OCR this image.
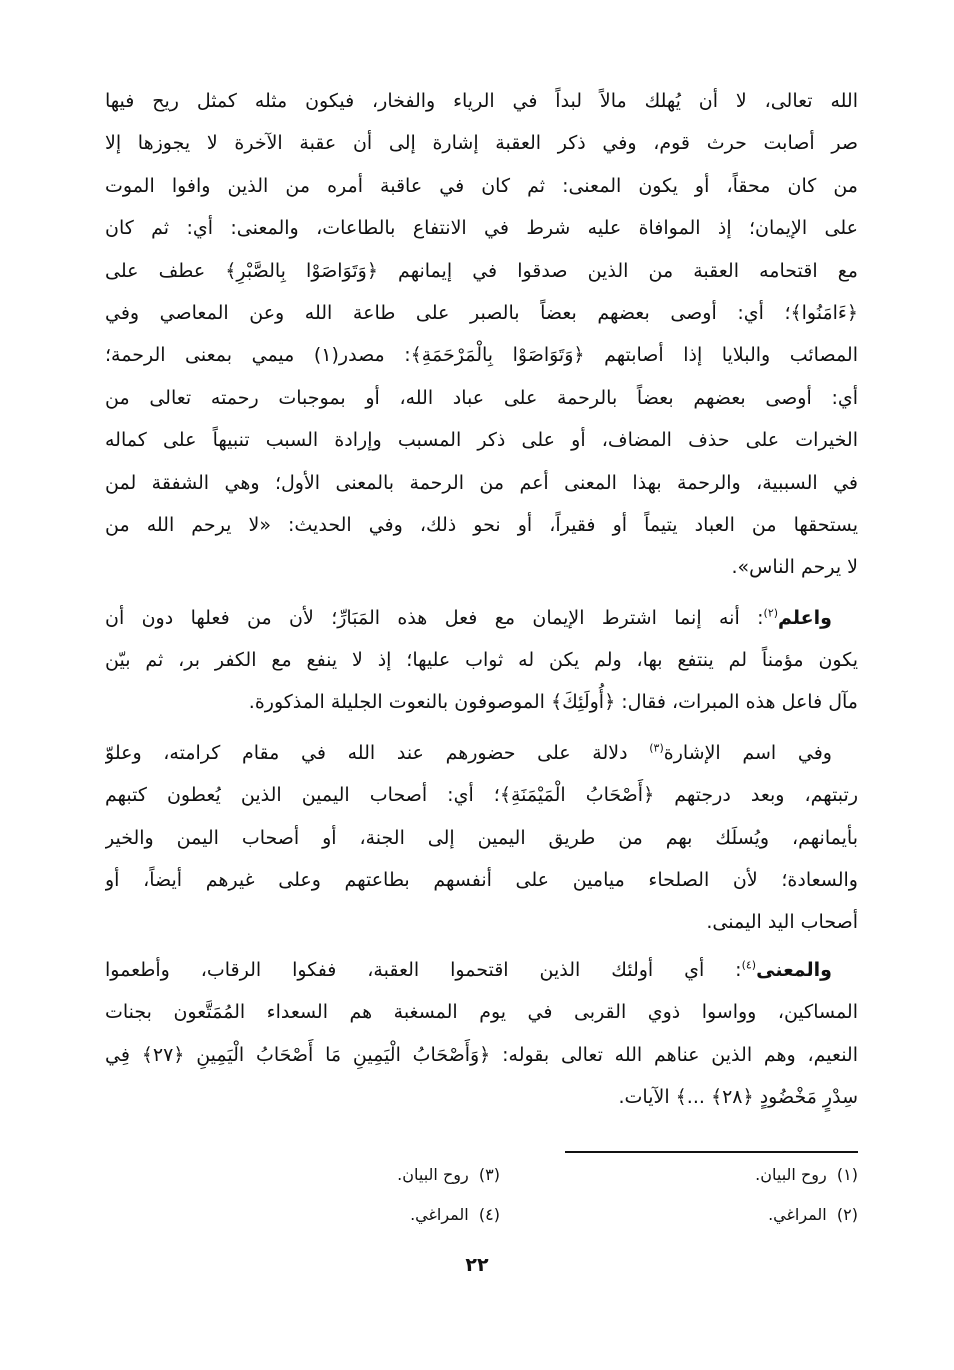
الله تعالى، لا أن يُهلك مالاً لبداً في الرياء والفخار، فيكون مثله كمثل ريح فيها
صر أصابت حرث قوم، وفي ذكر العقبة إشارة إلى أن عقبة الآخرة لا يجوزها إلا
من كان محقاً، أو يكون المعنى: ثم كان في عاقبة أمره من الذين وافوا الموت
على الإيمان؛ إذ الموافاة عليه شرط في الانتفاع بالطاعات، والمعنى: أي: ثم كان
مع اقتحامه العقبة من الذين صدقوا في إيمانهم ﴿وَتَوَاصَوْا بِالصَّبْرِ﴾ عطف على
﴿ءَامَنُوا﴾؛ أي: أوصى بعضهم بعضاً بالصبر على طاعة الله وعن المعاصي وفي
المصائب والبلايا إذا أصابتهم ﴿وَتَوَاصَوْا بِالْمَرْحَمَةِ﴾: مصدر(١) ميمي بمعنى الرحمة؛
أي: أوصى بعضهم بعضاً بالرحمة على عباد الله، أو بموجبات رحمته تعالى من
الخيرات على حذف المضاف، أو على ذكر المسبب وإرادة السبب تنبيهاً على كماله
في السببية، والرحمة بهذا المعنى أعم من الرحمة بالمعنى الأول؛ وهي الشفقة لمن
يستحقها من العباد يتيماً أو فقيراً، أو نحو ذلك، وفي الحديث: «لا يرحم الله من
لا يرحم الناس».
واعلم$^{(٢)}$: أنه إنما اشترط الإيمان مع فعل هذه المَبَارِّ؛ لأن من فعلها دون أن
يكون مؤمناً لم ينتفع بها، ولم يكن له ثواب عليها؛ إذ لا ينفع مع الكفر بر، ثم بيّن
مآل فاعل هذه المبرات، فقال: ﴿أُولَئِكَ﴾ الموصوفون بالنعوت الجليلة المذكورة.
وفي اسم الإشارة$^{(٣)}$ دلالة على حضورهم عند الله في مقام كرامته، وعلوّ
رتبتهم، وبعد درجتهم ﴿أَصْحَابُ الْمَيْمَنَةِ﴾؛ أي: أصحاب اليمين الذين يُعطون كتبهم
بأيمانهم، ويُسلَك بهم من طريق اليمين إلى الجنة، أو أصحاب اليمن والخير
والسعادة؛ لأن الصلحاء ميامين على أنفسهم بطاعتهم وعلى غيرهم أيضاً، أو
أصحاب اليد اليمنى.
والمعنى$^{(٤)}$: أي أولئك الذين اقتحموا العقبة، ففكوا الرقاب، وأطعموا
المساكين، وواسوا ذوي القربى في يوم المسغبة هم السعداء المُمَتَّعون بجنات
النعيم، وهم الذين عناهم الله تعالى بقوله: ﴿وَأَصْحَابُ الْيَمِينِ مَا أَصْحَابُ الْيَمِينِ ﴿٢٧﴾ فِي
سِدْرٍ مَخْضُودٍ ﴿٢٨﴾ ...﴾ الآيات.
(١)  روح البيان.
(٢)  المراغي.
(٣)  روح البيان.
(٤)  المراغي.
٢٢
